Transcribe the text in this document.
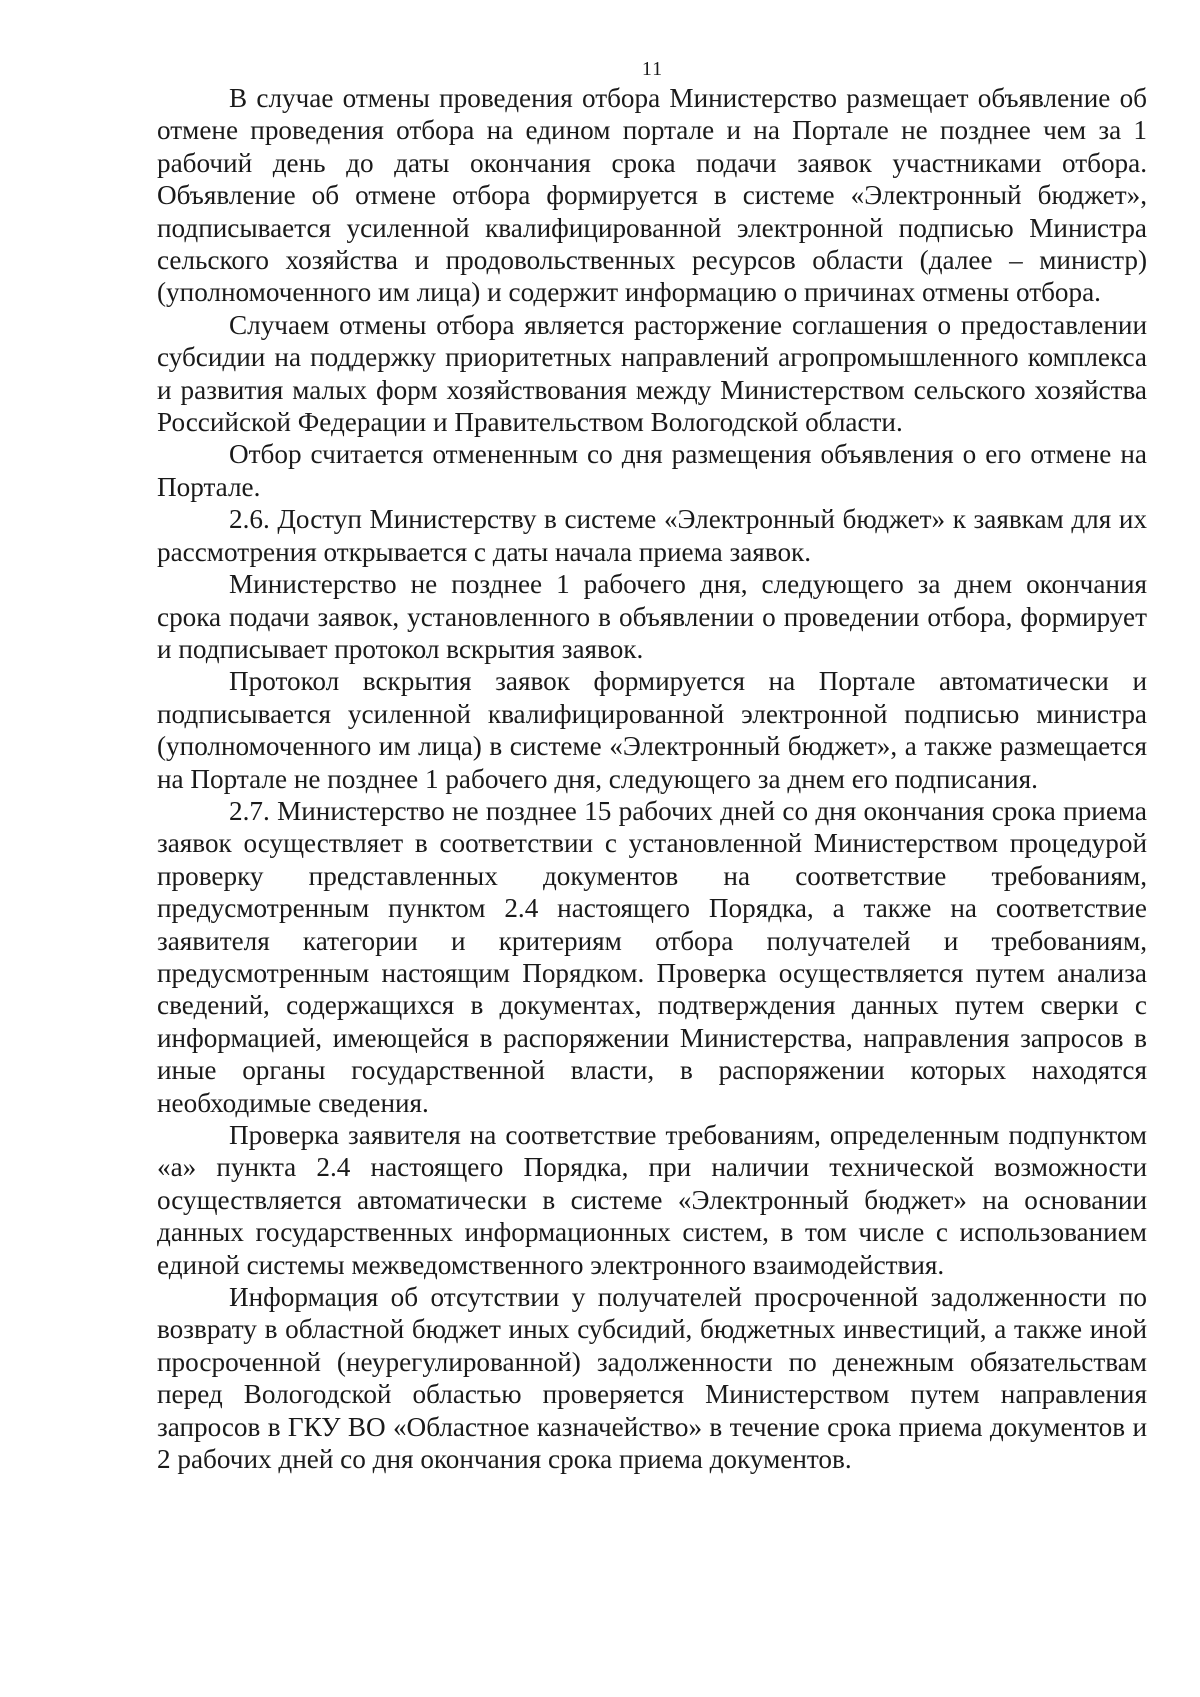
11

В случае отмены проведения отбора Министерство размещает объявление об отмене проведения отбора на едином портале и на Портале не позднее чем за 1 рабочий день до даты окончания срока подачи заявок участниками отбора. Объявление об отмене отбора формируется в системе «Электронный бюджет», подписывается усиленной квалифицированной электронной подписью Министра сельского хозяйства и продовольственных ресурсов области (далее – министр) (уполномоченного им лица) и содержит информацию о причинах отмены отбора.

Случаем отмены отбора является расторжение соглашения о предоставлении субсидии на поддержку приоритетных направлений агропромышленного комплекса и развития малых форм хозяйствования между Министерством сельского хозяйства Российской Федерации и Правительством Вологодской области.

Отбор считается отмененным со дня размещения объявления о его отмене на Портале.

2.6. Доступ Министерству в системе «Электронный бюджет» к заявкам для их рассмотрения открывается с даты начала приема заявок.

Министерство не позднее 1 рабочего дня, следующего за днем окончания срока подачи заявок, установленного в объявлении о проведении отбора, формирует и подписывает протокол вскрытия заявок.

Протокол вскрытия заявок формируется на Портале автоматически и подписывается усиленной квалифицированной электронной подписью министра (уполномоченного им лица) в системе «Электронный бюджет», а также размещается на Портале не позднее 1 рабочего дня, следующего за днем его подписания.

2.7. Министерство не позднее 15 рабочих дней со дня окончания срока приема заявок осуществляет в соответствии с установленной Министерством процедурой проверку представленных документов на соответствие требованиям, предусмотренным пунктом 2.4 настоящего Порядка, а также на соответствие заявителя категории и критериям отбора получателей и требованиям, предусмотренным настоящим Порядком. Проверка осуществляется путем анализа сведений, содержащихся в документах, подтверждения данных путем сверки с информацией, имеющейся в распоряжении Министерства, направления запросов в иные органы государственной власти, в распоряжении которых находятся необходимые сведения.

Проверка заявителя на соответствие требованиям, определенным подпунктом «а» пункта 2.4 настоящего Порядка, при наличии технической возможности осуществляется автоматически в системе «Электронный бюджет» на основании данных государственных информационных систем, в том числе с использованием единой системы межведомственного электронного взаимодействия.

Информация об отсутствии у получателей просроченной задолженности по возврату в областной бюджет иных субсидий, бюджетных инвестиций, а также иной просроченной (неурегулированной) задолженности по денежным обязательствам перед Вологодской областью проверяется Министерством путем направления запросов в ГКУ ВО «Областное казначейство» в течение срока приема документов и 2 рабочих дней со дня окончания срока приема документов.
